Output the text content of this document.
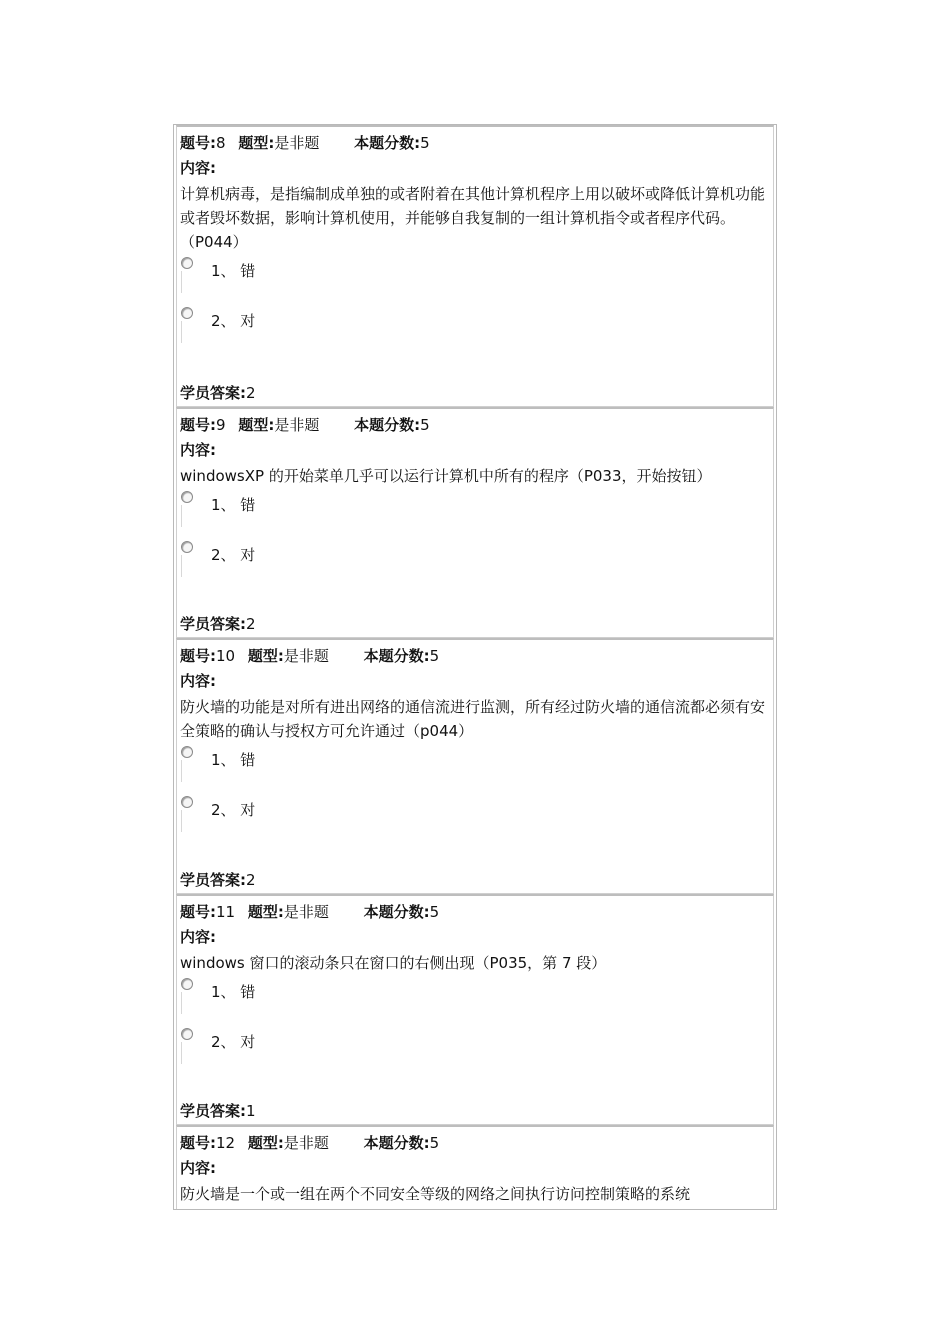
题号:8 题型:是非题 本题分数:5
内容:
计算机病毒，是指编制成单独的或者附着在其他计算机程序上用以破坏或降低计算机功能或者毁坏数据，影响计算机使用，并能够自我复制的一组计算机指令或者程序代码。（P044）
1、 错
2、 对
学员答案:2
题号:9 题型:是非题 本题分数:5
内容:
windowsXP 的开始菜单几乎可以运行计算机中所有的程序（P033，开始按钮）
1、 错
2、 对
学员答案:2
题号:10 题型:是非题 本题分数:5
内容:
防火墙的功能是对所有进出网络的通信流进行监测，所有经过防火墙的通信流都必须有安全策略的确认与授权方可允许通过（p044）
1、 错
2、 对
学员答案:2
题号:11 题型:是非题 本题分数:5
内容:
windows 窗口的滚动条只在窗口的右侧出现（P035，第 7 段）
1、 错
2、 对
学员答案:1
题号:12 题型:是非题 本题分数:5
内容:
防火墙是一个或一组在两个不同安全等级的网络之间执行访问控制策略的系统
